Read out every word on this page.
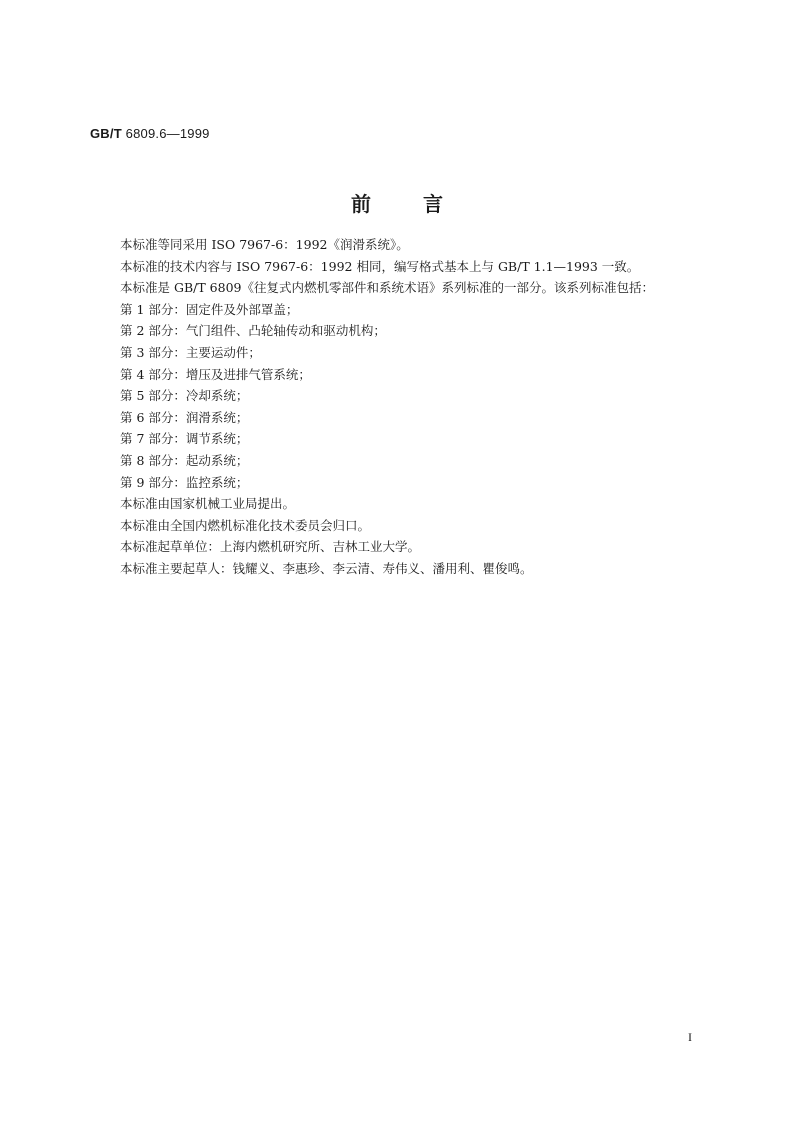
GB/T 6809.6—1999
前言
本标准等同采用 ISO 7967-6：1992《润滑系统》。
本标准的技术内容与 ISO 7967-6：1992 相同，编写格式基本上与 GB/T 1.1—1993 一致。
本标准是 GB/T 6809《往复式内燃机零部件和系统术语》系列标准的一部分。该系列标准包括：
第 1 部分：固定件及外部罩盖；
第 2 部分：气门组件、凸轮轴传动和驱动机构；
第 3 部分：主要运动件；
第 4 部分：增压及进排气管系统；
第 5 部分：冷却系统；
第 6 部分：润滑系统；
第 7 部分：调节系统；
第 8 部分：起动系统；
第 9 部分：监控系统；
本标准由国家机械工业局提出。
本标准由全国内燃机标准化技术委员会归口。
本标准起草单位：上海内燃机研究所、吉林工业大学。
本标准主要起草人：钱耀义、李惠珍、李云清、寿伟义、潘用利、瞿俊鸣。
I
